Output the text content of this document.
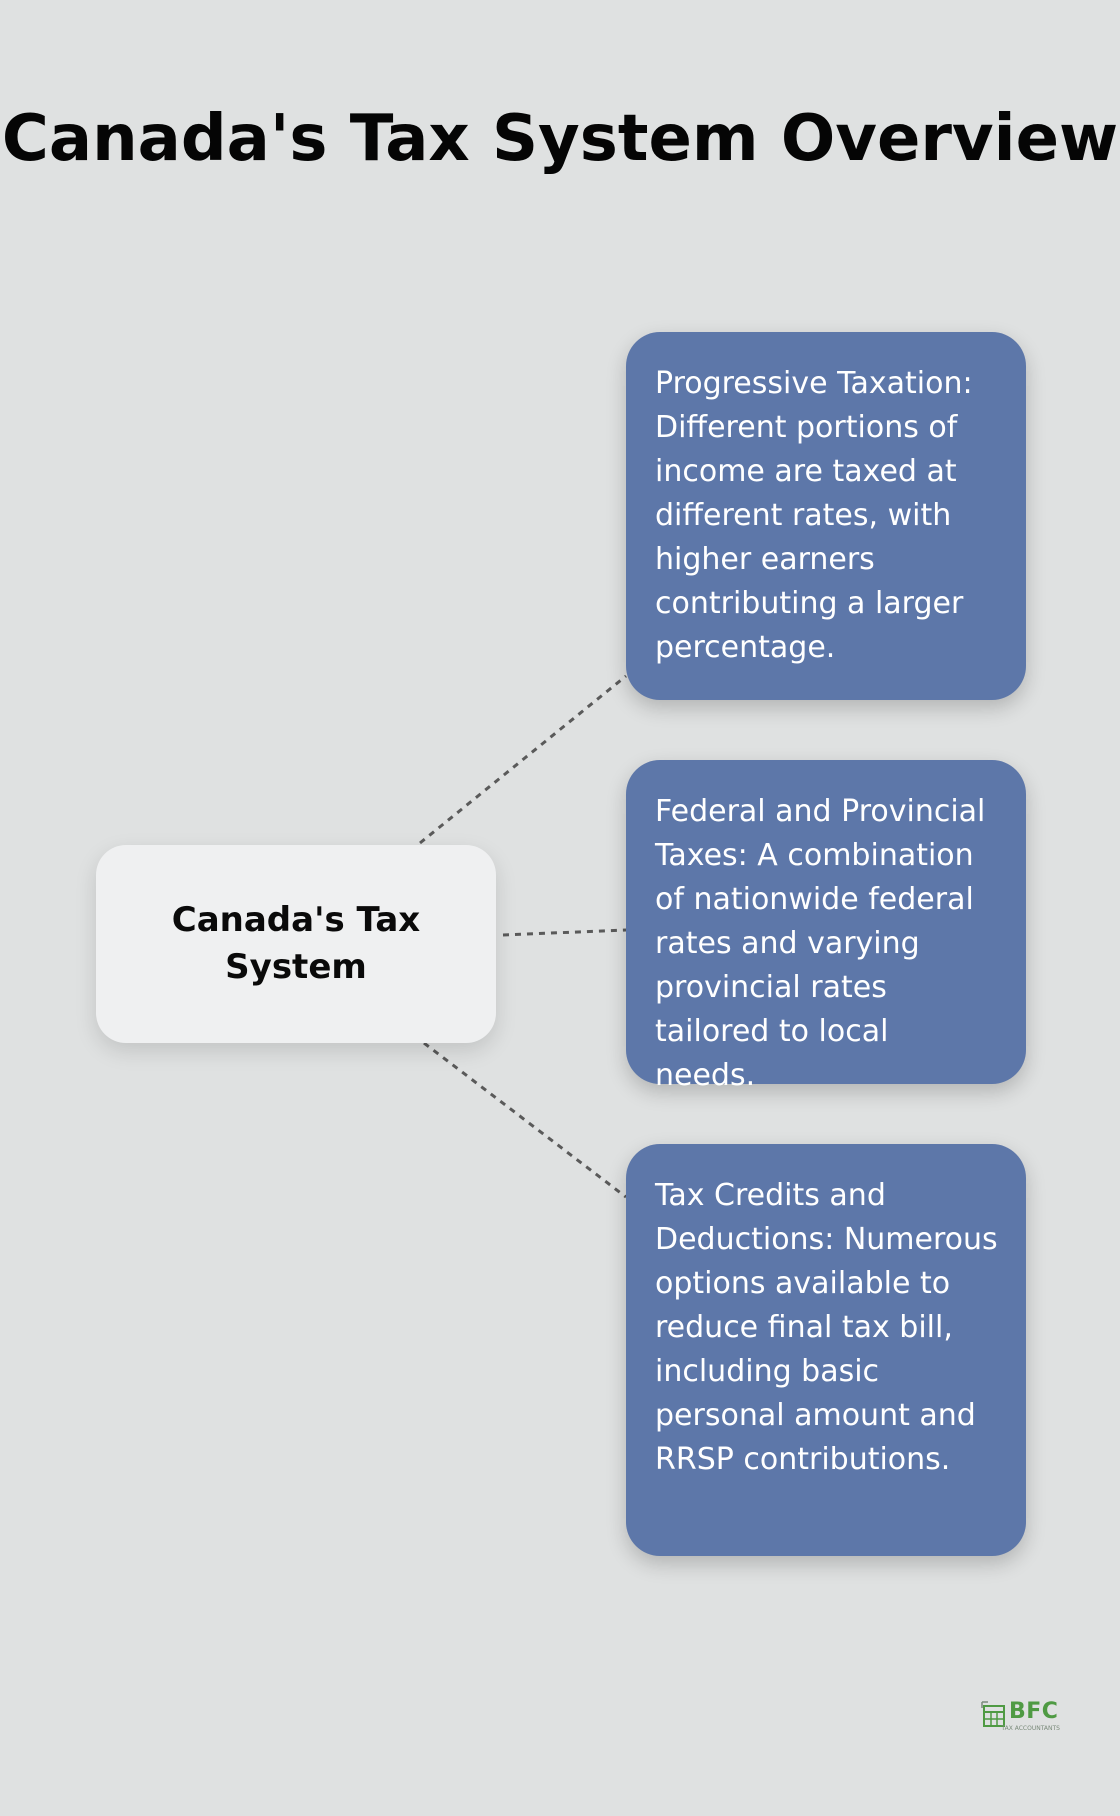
Canada's Tax System Overview
Canada's Tax System
Progressive Taxation: Different portions of income are taxed at different rates, with higher earners contributing a larger percentage.
Federal and Provincial Taxes: A combination of nationwide federal rates and varying provincial rates tailored to local needs.
Tax Credits and Deductions: Numerous options available to reduce final tax bill, including basic personal amount and RRSP contributions.
BFC
TAX ACCOUNTANTS
